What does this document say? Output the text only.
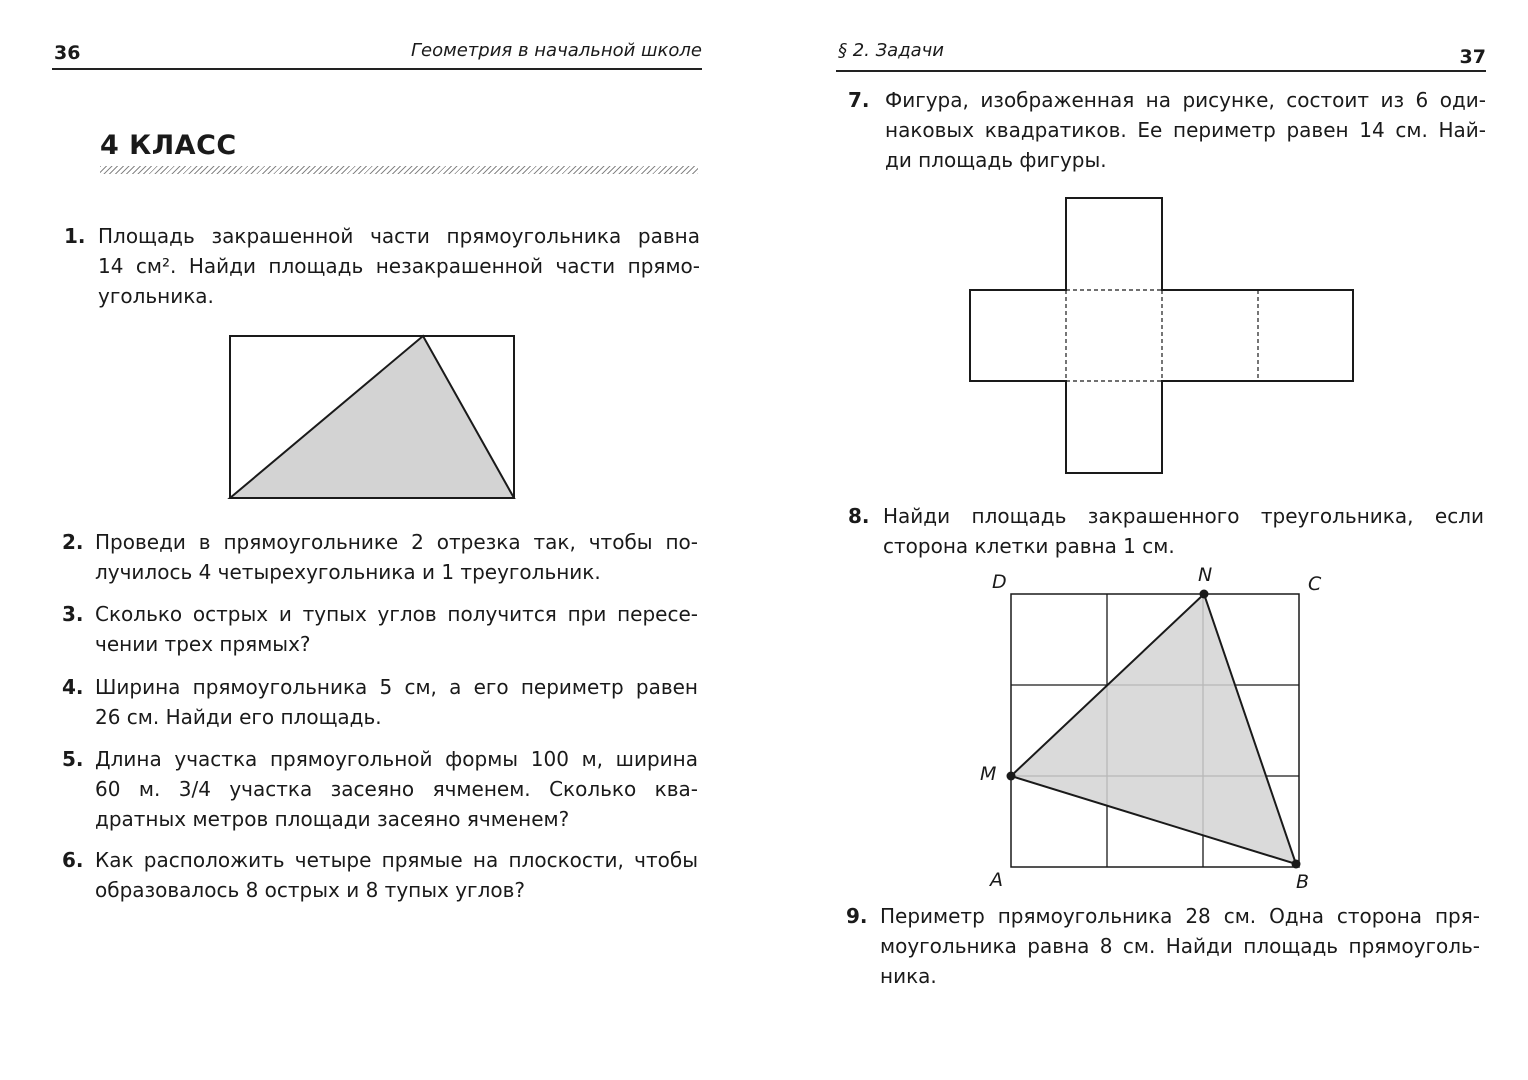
36	Геометрия в начальной школе
4 КЛАСС
1. Площадь закрашенной части прямоугольника равна
14 см². Найди площадь незакрашенной части прямо-
угольника.
2. Проведи в прямоугольнике 2 отрезка так, чтобы по-
лучилось 4 четырехугольника и 1 треугольник.
3. Сколько острых и тупых углов получится при пересе-
чении трех прямых?
4. Ширина прямоугольника 5 см, а его периметр равен
26 см. Найди его площадь.
5. Длина участка прямоугольной формы 100 м, ширина
60 м. 3/4 участка засеяно ячменем. Сколько ква-
дратных метров площади засеяно ячменем?
6. Как расположить четыре прямые на плоскости, чтобы
образовалось 8 острых и 8 тупых углов?
§ 2. Задачи	37
7. Фигура, изображенная на рисунке, состоит из 6 оди-
наковых квадратиков. Ее периметр равен 14 см. Най-
ди площадь фигуры.
8. Найди площадь закрашенного треугольника, если
сторона клетки равна 1 см.
D	N	C
M
A	B
9. Периметр прямоугольника 28 см. Одна сторона пря-
моугольника равна 8 см. Найди площадь прямоуголь-
ника.
